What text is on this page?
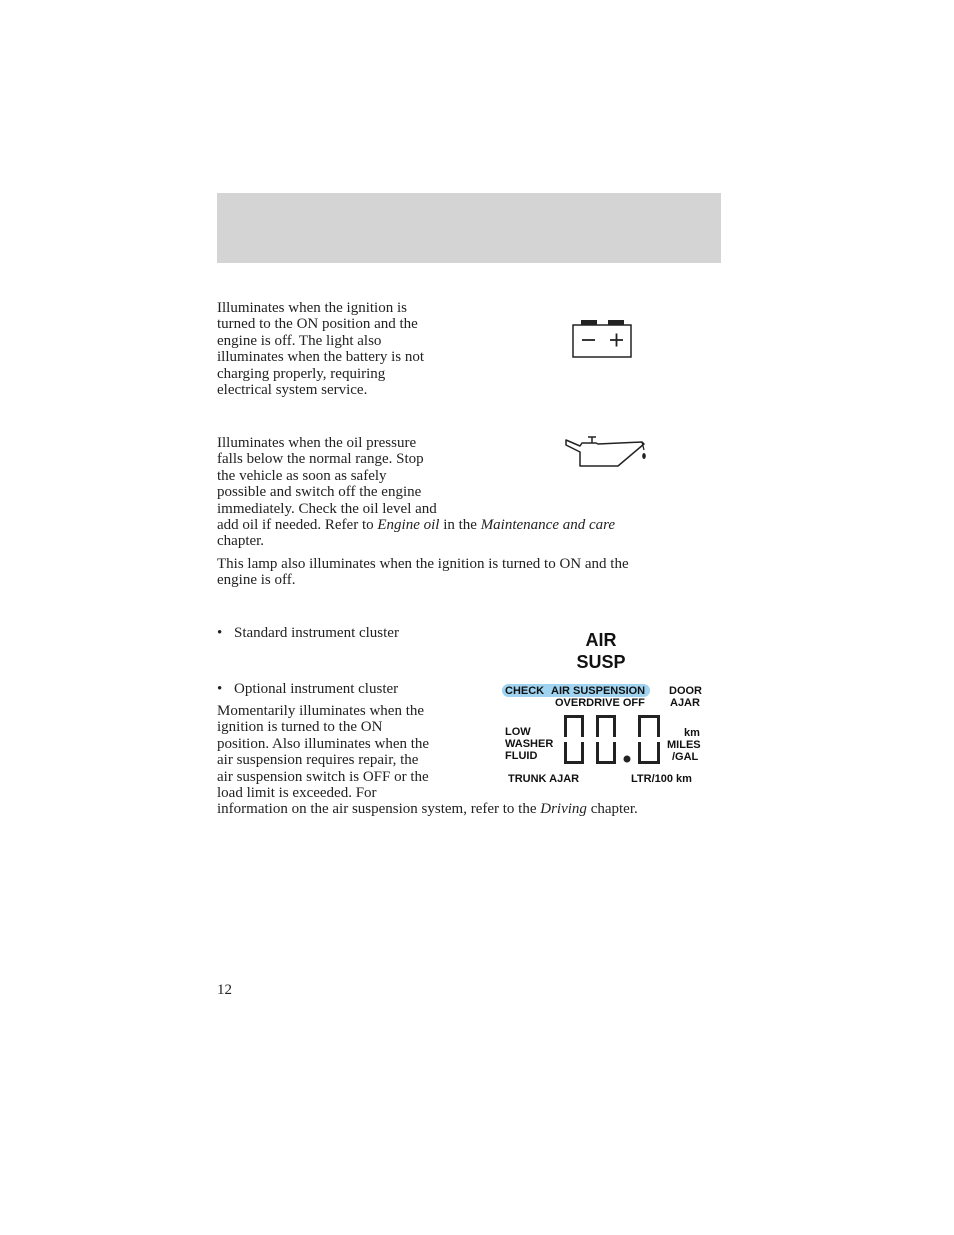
Illuminates when the ignition is
turned to the ON position and the
engine is off. The light also
illuminates when the battery is not
charging properly, requiring
electrical system service.
Illuminates when the oil pressure
falls below the normal range. Stop
the vehicle as soon as safely
possible and switch off the engine
immediately. Check the oil level and
add oil if needed. Refer to Engine oil in the Maintenance and care
chapter.
This lamp also illuminates when the ignition is turned to ON and the
engine is off.
• Standard instrument cluster
• Optional instrument cluster
Momentarily illuminates when the
ignition is turned to the ON
position. Also illuminates when the
air suspension requires repair, the
air suspension switch is OFF or the
load limit is exceeded. For
information on the air suspension system, refer to the Driving chapter.
AIR
SUSP
CHECK AIR SUSPENSION
OVERDRIVE OFF
DOOR
AJAR
LOW
WASHER
FLUID
km
MILES
/GAL
TRUNK AJAR	LTR/100 km
12
